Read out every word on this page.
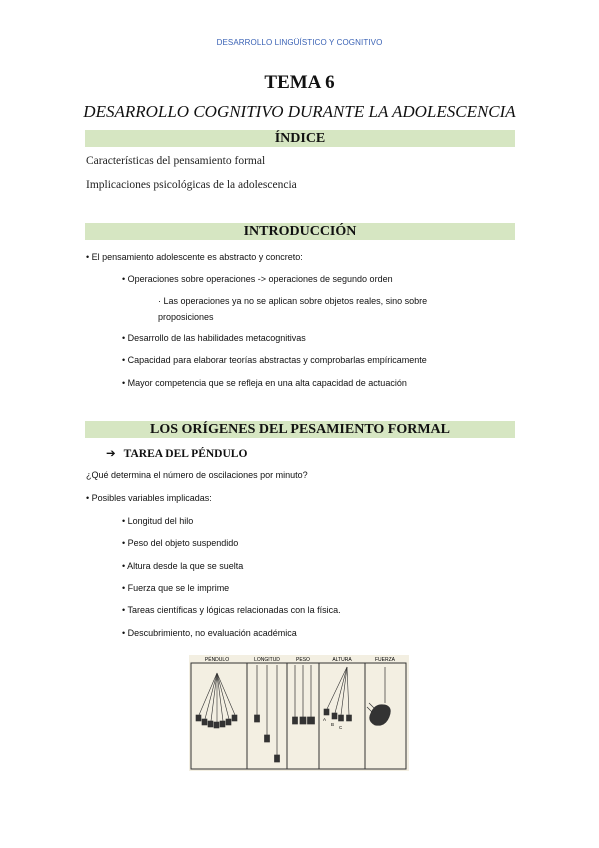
DESARROLLO LINGÜÍSTICO Y COGNITIVO
TEMA 6
DESARROLLO COGNITIVO DURANTE LA ADOLESCENCIA
ÍNDICE
Características del pensamiento formal
Implicaciones psicológicas de la adolescencia
INTRODUCCIÓN
• El pensamiento adolescente es abstracto y concreto:
• Operaciones sobre operaciones -> operaciones de segundo orden
· Las operaciones ya no se aplican sobre objetos reales, sino sobre proposiciones
• Desarrollo de las habilidades metacognitivas
• Capacidad para elaborar teorías abstractas y comprobarlas empíricamente
• Mayor competencia que se refleja en una alta capacidad de actuación
LOS ORÍGENES DEL PESAMIENTO FORMAL
➔ TAREA DEL PÉNDULO
¿Qué determina el número de oscilaciones por minuto?
• Posibles variables implicadas:
• Longitud del hilo
• Peso del objeto suspendido
• Altura desde la que se suelta
• Fuerza que se le imprime
• Tareas científicas y lógicas relacionadas con la física.
• Descubrimiento, no evaluación académica
PÉNDULO	LONGITUD	PESO	ALTURA	FUERZA
A
B
C
